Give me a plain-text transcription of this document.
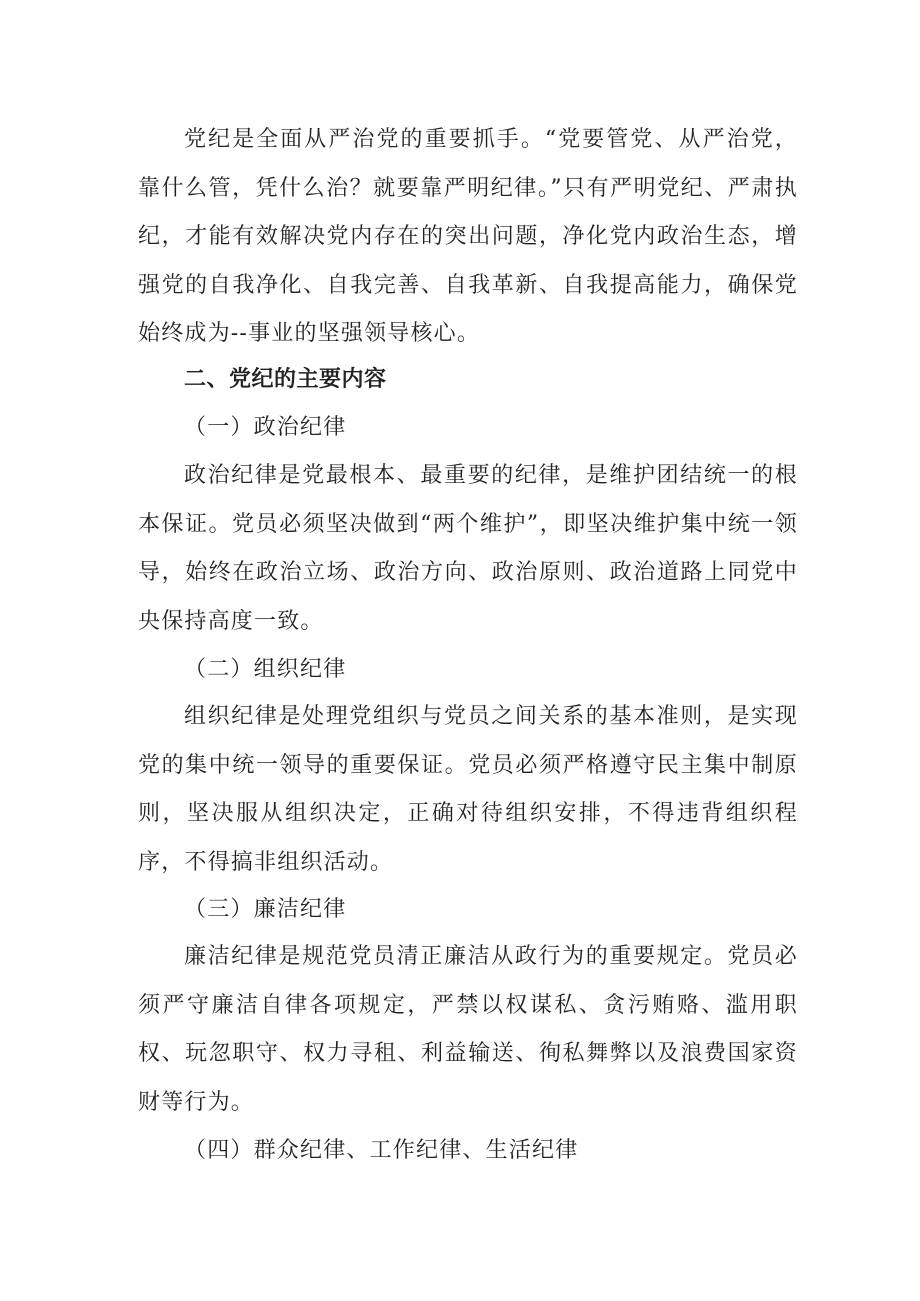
党纪是全面从严治党的重要抓手。“党要管党、从严治党，靠什么管，凭什么治？就要靠严明纪律。”只有严明党纪、严肃执纪，才能有效解决党内存在的突出问题，净化党内政治生态，增强党的自我净化、自我完善、自我革新、自我提高能力，确保党始终成为--事业的坚强领导核心。

二、党纪的主要内容
（一）政治纪律

政治纪律是党最根本、最重要的纪律，是维护团结统一的根本保证。党员必须坚决做到“两个维护”，即坚决维护集中统一领导，始终在政治立场、政治方向、政治原则、政治道路上同党中央保持高度一致。

（二）组织纪律

组织纪律是处理党组织与党员之间关系的基本准则，是实现党的集中统一领导的重要保证。党员必须严格遵守民主集中制原则，坚决服从组织决定，正确对待组织安排，不得违背组织程序，不得搞非组织活动。

（三）廉洁纪律

廉洁纪律是规范党员清正廉洁从政行为的重要规定。党员必须严守廉洁自律各项规定，严禁以权谋私、贪污贿赂、滥用职权、玩忽职守、权力寻租、利益输送、徇私舞弊以及浪费国家资财等行为。

（四）群众纪律、工作纪律、生活纪律
